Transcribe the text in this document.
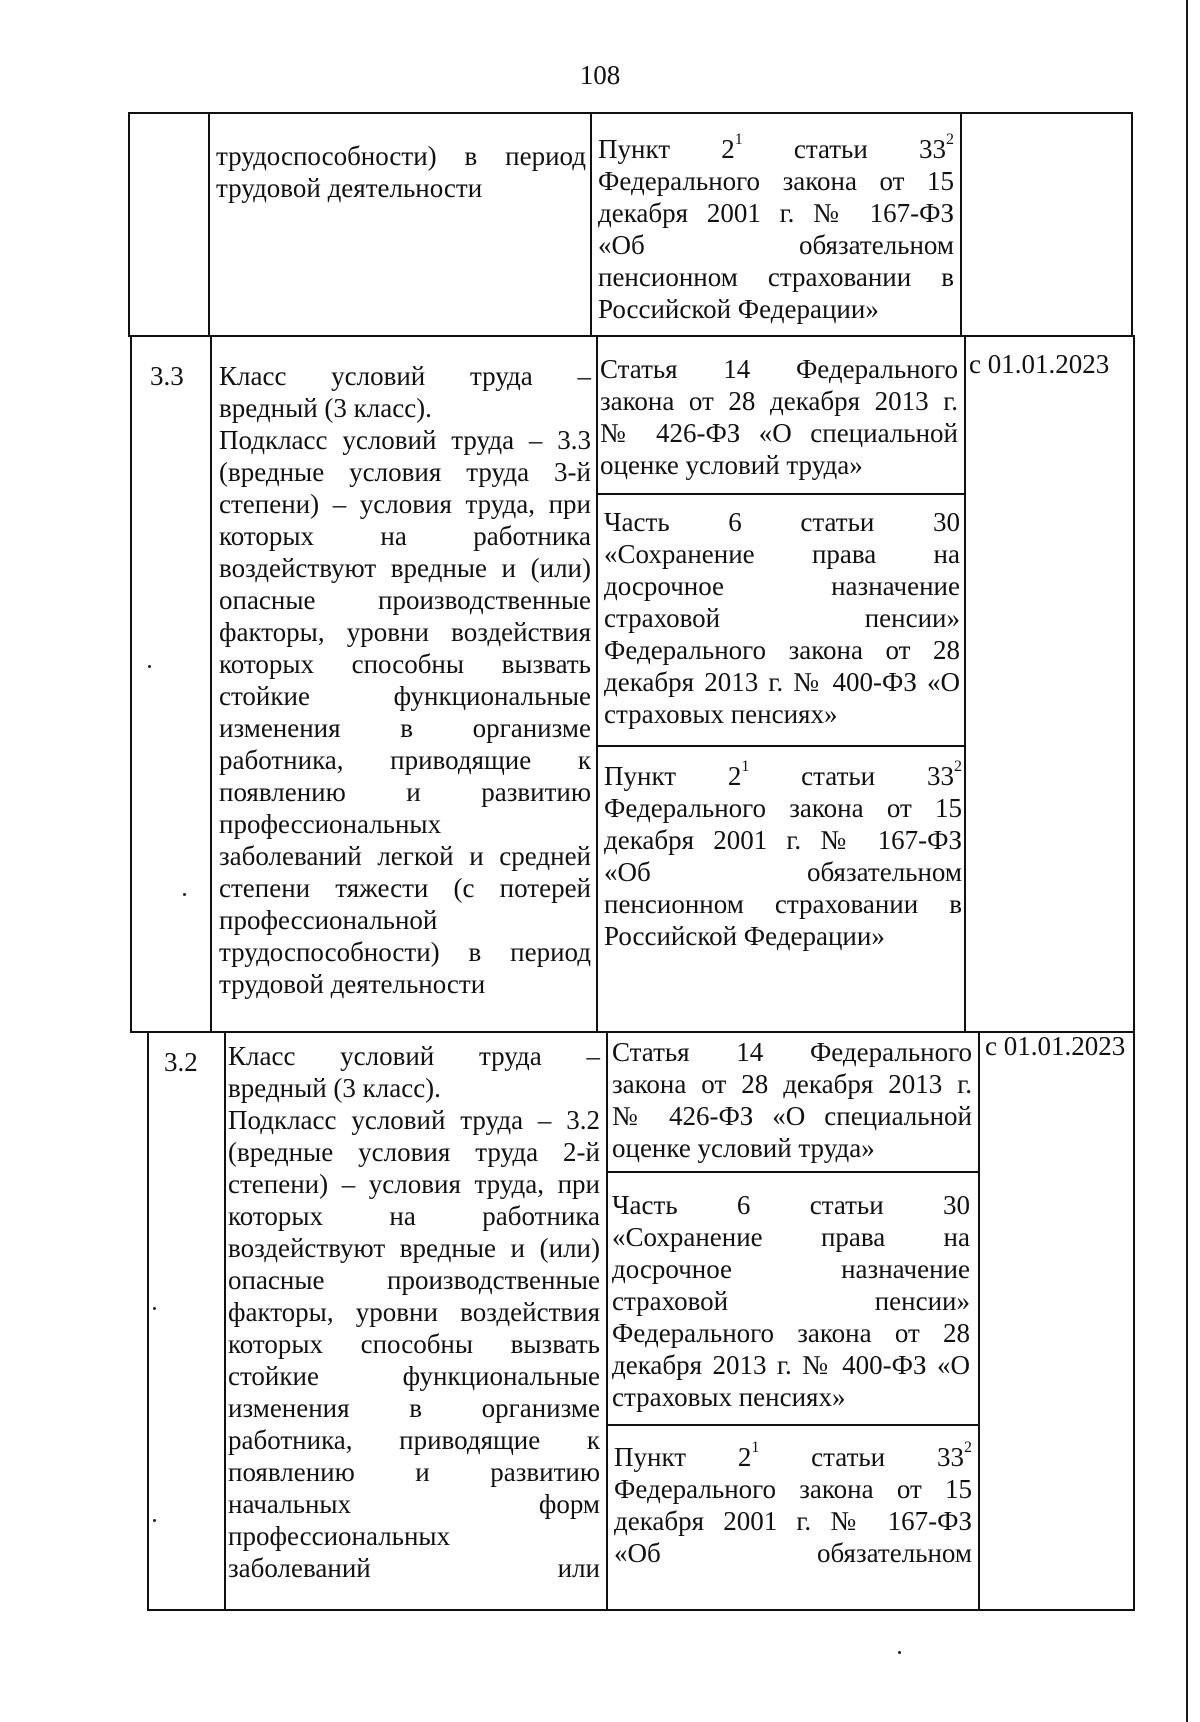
108
трудоспособности) в период
трудовой деятельности
Пункт $2^1$ статьи $33^2$
Федерального закона от 15
декабря 2001 г. № 167-ФЗ
«Об обязательном
пенсионном страховании в
Российской Федерации»
3.3 Класс условий труда –
вредный (3 класс).
Подкласс условий труда – 3.3
(вредные условия труда 3-й
степени) – условия труда, при
которых на работника
воздействуют вредные и (или)
опасные производственные
факторы, уровни воздействия
которых способны вызвать
стойкие функциональные
изменения в организме
работника, приводящие к
появлению и развитию
профессиональных
заболеваний легкой и средней
степени тяжести (с потерей
профессиональной
трудоспособности) в период
трудовой деятельности
Статья 14 Федерального
закона от 28 декабря 2013 г.
№ 426-ФЗ «О специальной
оценке условий труда»
Часть 6 статьи 30
«Сохранение права на
досрочное назначение
страховой пенсии»
Федерального закона от 28
декабря 2013 г. № 400-ФЗ «О
страховых пенсиях»
Пункт $2^1$ статьи $33^2$
Федерального закона от 15
декабря 2001 г. № 167-ФЗ
«Об обязательном
пенсионном страховании в
Российской Федерации»
с 01.01.2023
3.2 Класс условий труда –
вредный (3 класс).
Подкласс условий труда – 3.2
(вредные условия труда 2-й
степени) – условия труда, при
которых на работника
воздействуют вредные и (или)
опасные производственные
факторы, уровни воздействия
которых способны вызвать
стойкие функциональные
изменения в организме
работника, приводящие к
появлению и развитию
начальных форм
профессиональных
заболеваний или
Статья 14 Федерального
закона от 28 декабря 2013 г.
№ 426-ФЗ «О специальной
оценке условий труда»
Часть 6 статьи 30
«Сохранение права на
досрочное назначение
страховой пенсии»
Федерального закона от 28
декабря 2013 г. № 400-ФЗ «О
страховых пенсиях»
Пункт $2^1$ статьи $33^2$
Федерального закона от 15
декабря 2001 г. № 167-ФЗ
«Об обязательном
с 01.01.2023
